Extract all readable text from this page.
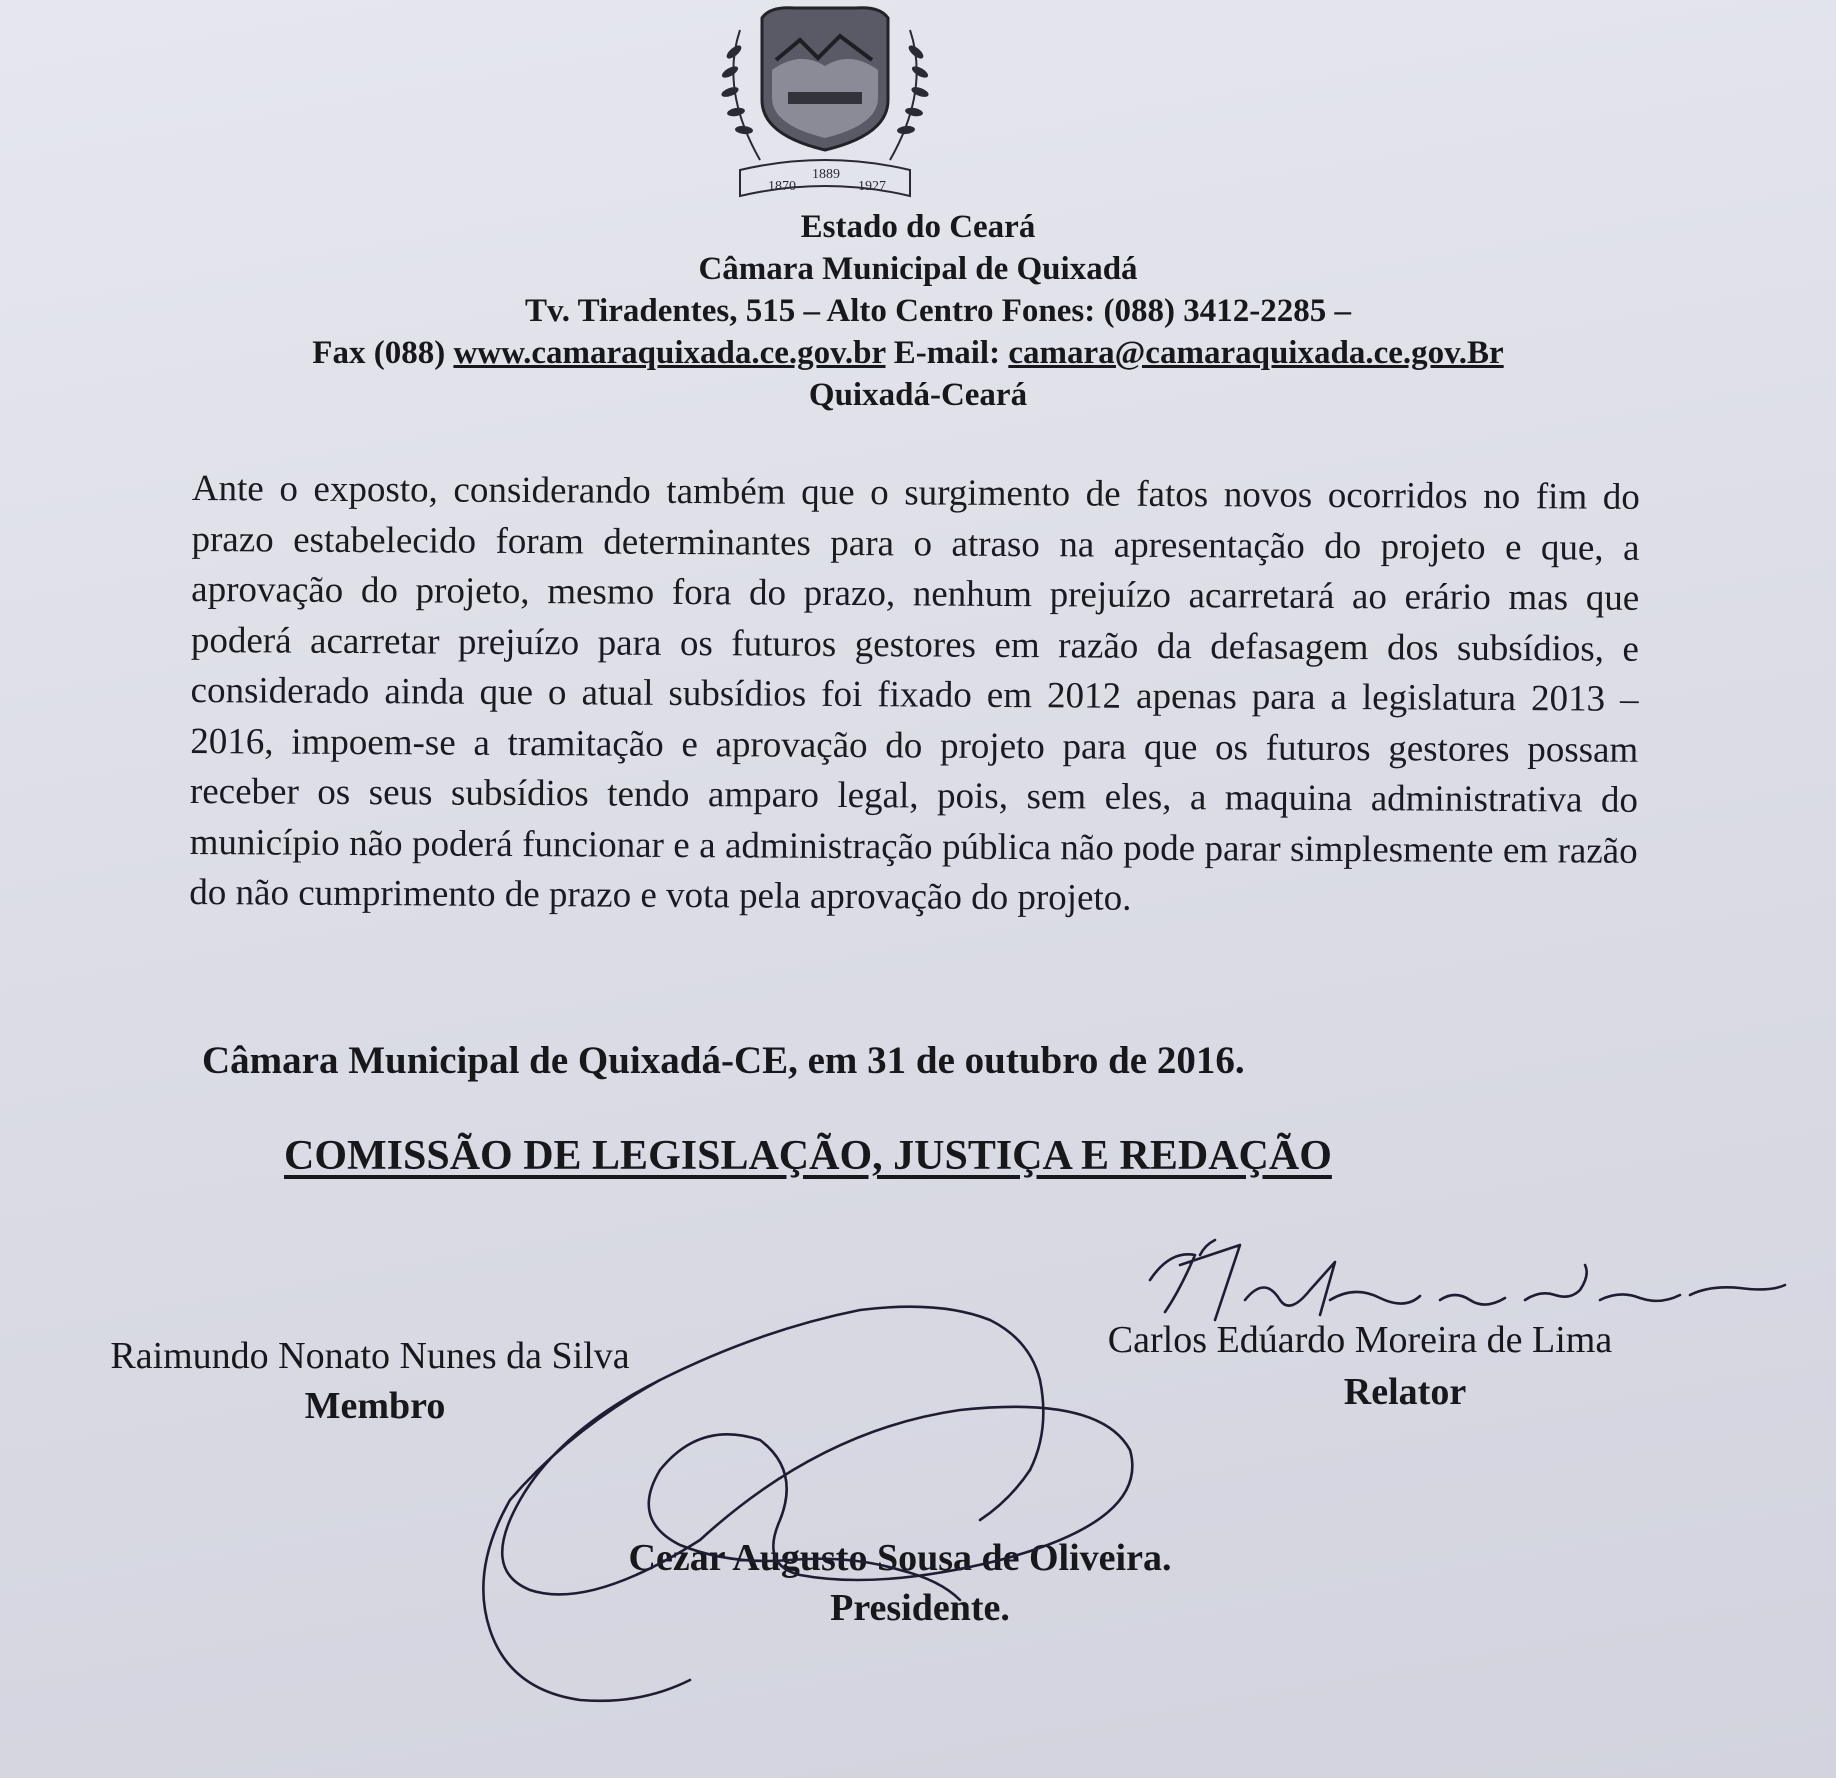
1870
1889
1927
Estado do Ceará
Câmara Municipal de Quixadá
Tv. Tiradentes, 515 – Alto Centro Fones: (088) 3412-2285 –
Fax (088) www.camaraquixada.ce.gov.br E-mail: camara@camaraquixada.ce.gov.Br
Quixadá-Ceará
Ante o exposto, considerando também que o surgimento de fatos novos ocorridos no fim do prazo estabelecido foram determinantes para o atraso na apresentação do projeto e que, a aprovação do projeto, mesmo fora do prazo, nenhum prejuízo acarretará ao erário mas que poderá acarretar prejuízo para os futuros gestores em razão da defasagem dos subsídios, e considerado ainda que o atual subsídios foi fixado em 2012 apenas para a legislatura 2013 – 2016, impoem-se a tramitação e aprovação do projeto para que os futuros gestores possam receber os seus subsídios tendo amparo legal, pois, sem eles, a maquina administrativa do município não poderá funcionar e a administração pública não pode parar simplesmente em razão do não cumprimento de prazo e vota pela aprovação do projeto.
Câmara Municipal de Quixadá-CE, em 31 de outubro de 2016.
COMISSÃO DE LEGISLAÇÃO, JUSTIÇA E REDAÇÃO
Raimundo Nonato Nunes da Silva
Membro
Carlos Edúardo Moreira de Lima
Relator
Cezar Augusto Sousa de Oliveira.
Presidente.
